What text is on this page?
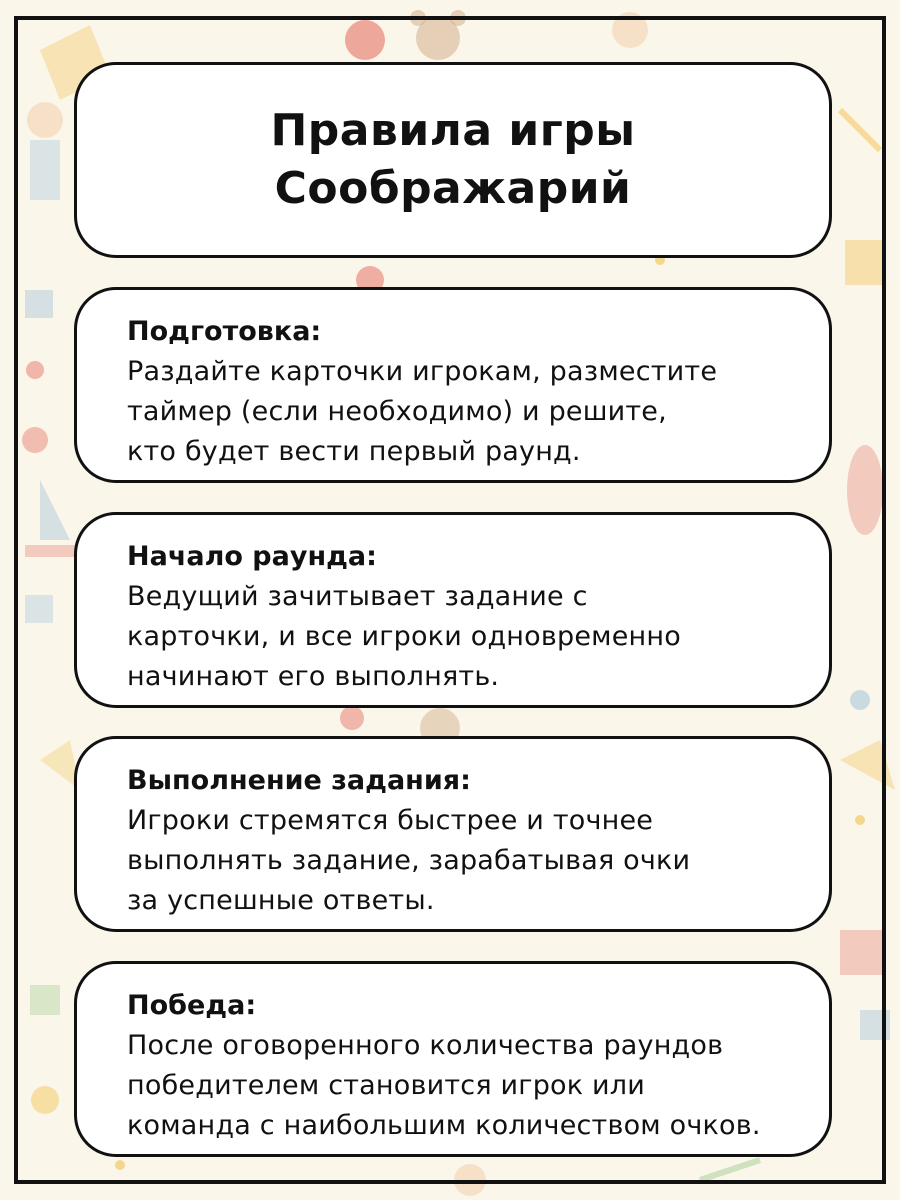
Правила игры
Соображарий
Подготовка:
Раздайте карточки игрокам, разместите
таймер (если необходимо) и решите,
кто будет вести первый раунд.
Начало раунда:
Ведущий зачитывает задание с
карточки, и все игроки одновременно
начинают его выполнять.
Выполнение задания:
Игроки стремятся быстрее и точнее
выполнять задание, зарабатывая очки
за успешные ответы.
Победа:
После оговоренного количества раундов
победителем становится игрок или
команда с наибольшим количеством очков.
